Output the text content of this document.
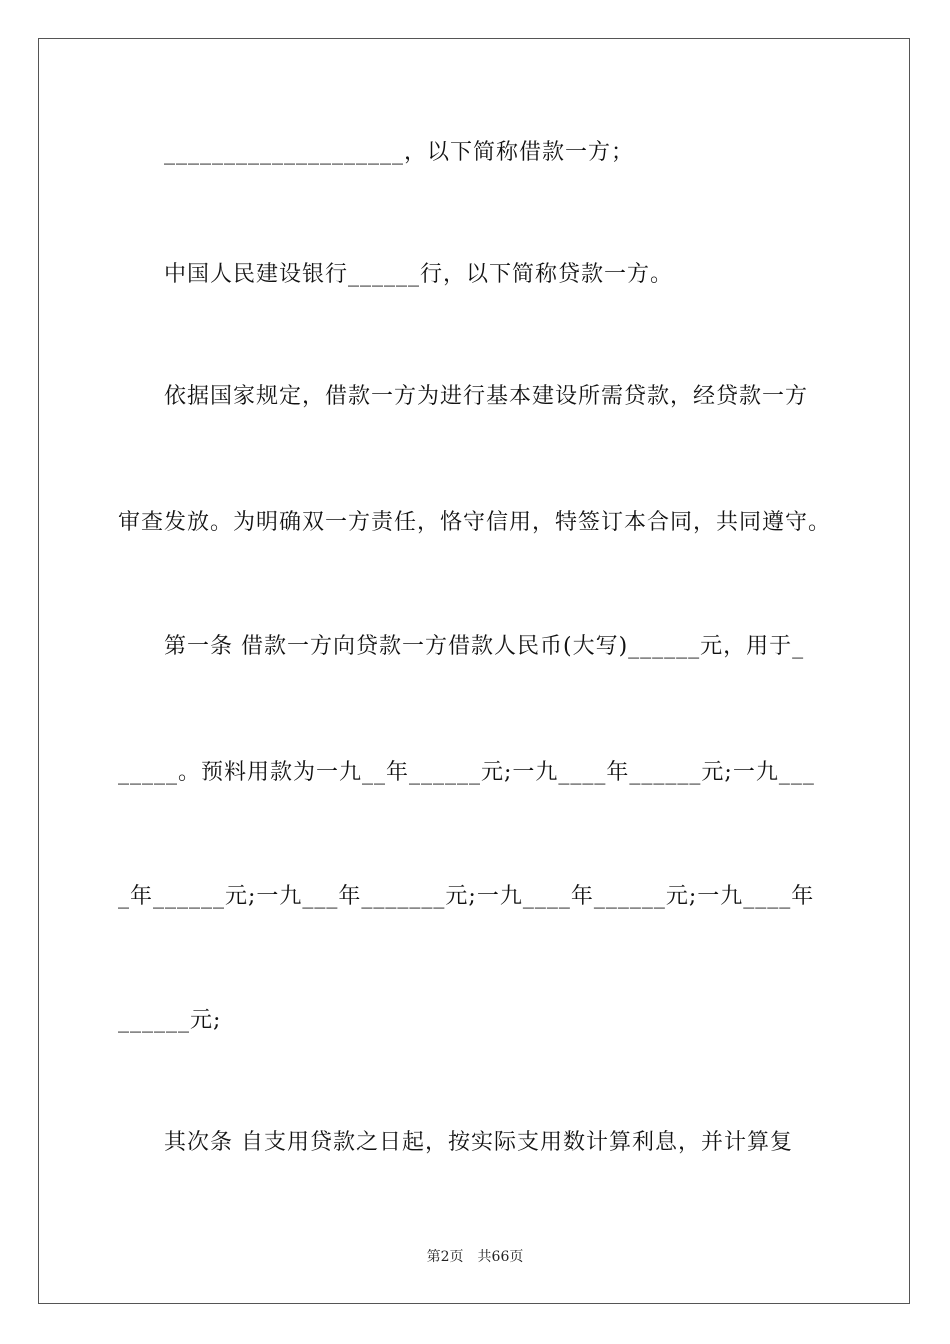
____________________，以下简称借款一方；
中国人民建设银行______行，以下简称贷款一方。
依据国家规定，借款一方为进行基本建设所需贷款，经贷款一方
审查发放。为明确双一方责任，恪守信用，特签订本合同，共同遵守。
第一条 借款一方向贷款一方借款人民币(大写)______元，用于_
_____。预料用款为一九__年______元;一九____年______元;一九___
_年______元;一九___年_______元;一九____年______元;一九____年
______元;
其次条 自支用贷款之日起，按实际支用数计算利息，并计算复
第2页 共66页
